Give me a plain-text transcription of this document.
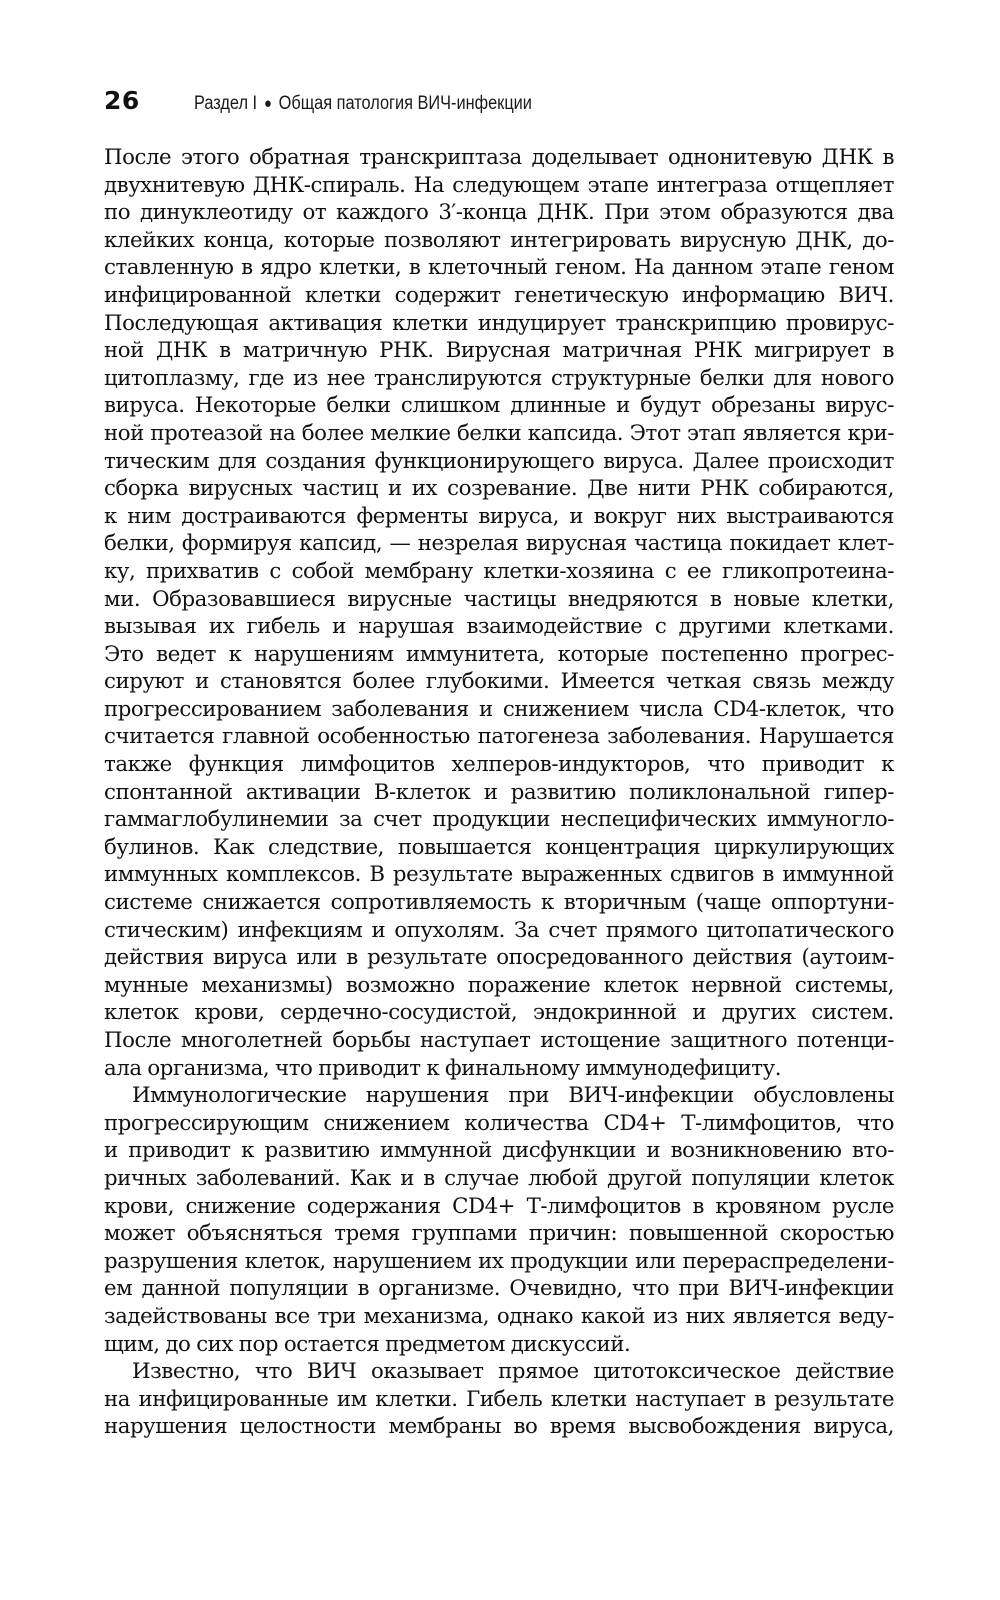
26	Раздел I ● Общая патология ВИЧ-инфекции
После этого обратная транскриптаза доделывает однонитевую ДНК в
двухнитевую ДНК-спираль. На следующем этапе интеграза отщепляет
по динуклеотиду от каждого 3′-конца ДНК. При этом образуются два
клейких конца, которые позволяют интегрировать вирусную ДНК, до-
ставленную в ядро клетки, в клеточный геном. На данном этапе геном
инфицированной клетки содержит генетическую информацию ВИЧ.
Последующая активация клетки индуцирует транскрипцию провирус-
ной ДНК в матричную РНК. Вирусная матричная РНК мигрирует в
цитоплазму, где из нее транслируются структурные белки для нового
вируса. Некоторые белки слишком длинные и будут обрезаны вирус-
ной протеазой на более мелкие белки капсида. Этот этап является кри-
тическим для создания функционирующего вируса. Далее происходит
сборка вирусных частиц и их созревание. Две нити РНК собираются,
к ним достраиваются ферменты вируса, и вокруг них выстраиваются
белки, формируя капсид, — незрелая вирусная частица покидает клет-
ку, прихватив с собой мембрану клетки-хозяина с ее гликопротеина-
ми. Образовавшиеся вирусные частицы внедряются в новые клетки,
вызывая их гибель и нарушая взаимодействие с другими клетками.
Это ведет к нарушениям иммунитета, которые постепенно прогрес-
сируют и становятся более глубокими. Имеется четкая связь между
прогрессированием заболевания и снижением числа CD4-клеток, что
считается главной особенностью патогенеза заболевания. Нарушается
также функция лимфоцитов хелперов-индукторов, что приводит к
спонтанной активации В-клеток и развитию поликлональной гипер-
гаммаглобулинемии за счет продукции неспецифических иммуногло-
булинов. Как следствие, повышается концентрация циркулирующих
иммунных комплексов. В результате выраженных сдвигов в иммунной
системе снижается сопротивляемость к вторичным (чаще оппортуни-
стическим) инфекциям и опухолям. За счет прямого цитопатического
действия вируса или в результате опосредованного действия (аутоим-
мунные механизмы) возможно поражение клеток нервной системы,
клеток крови, сердечно-сосудистой, эндокринной и других систем.
После многолетней борьбы наступает истощение защитного потенци-
ала организма, что приводит к финальному иммунодефициту.
Иммунологические нарушения при ВИЧ-инфекции обусловлены
прогрессирующим снижением количества CD4+ Т-лимфоцитов, что
и приводит к развитию иммунной дисфункции и возникновению вто-
ричных заболеваний. Как и в случае любой другой популяции клеток
крови, снижение содержания CD4+ Т-лимфоцитов в кровяном русле
может объясняться тремя группами причин: повышенной скоростью
разрушения клеток, нарушением их продукции или перераспределени-
ем данной популяции в организме. Очевидно, что при ВИЧ-инфекции
задействованы все три механизма, однако какой из них является веду-
щим, до сих пор остается предметом дискуссий.
Известно, что ВИЧ оказывает прямое цитотоксическое действие
на инфицированные им клетки. Гибель клетки наступает в результате
нарушения целостности мембраны во время высвобождения вируса,
